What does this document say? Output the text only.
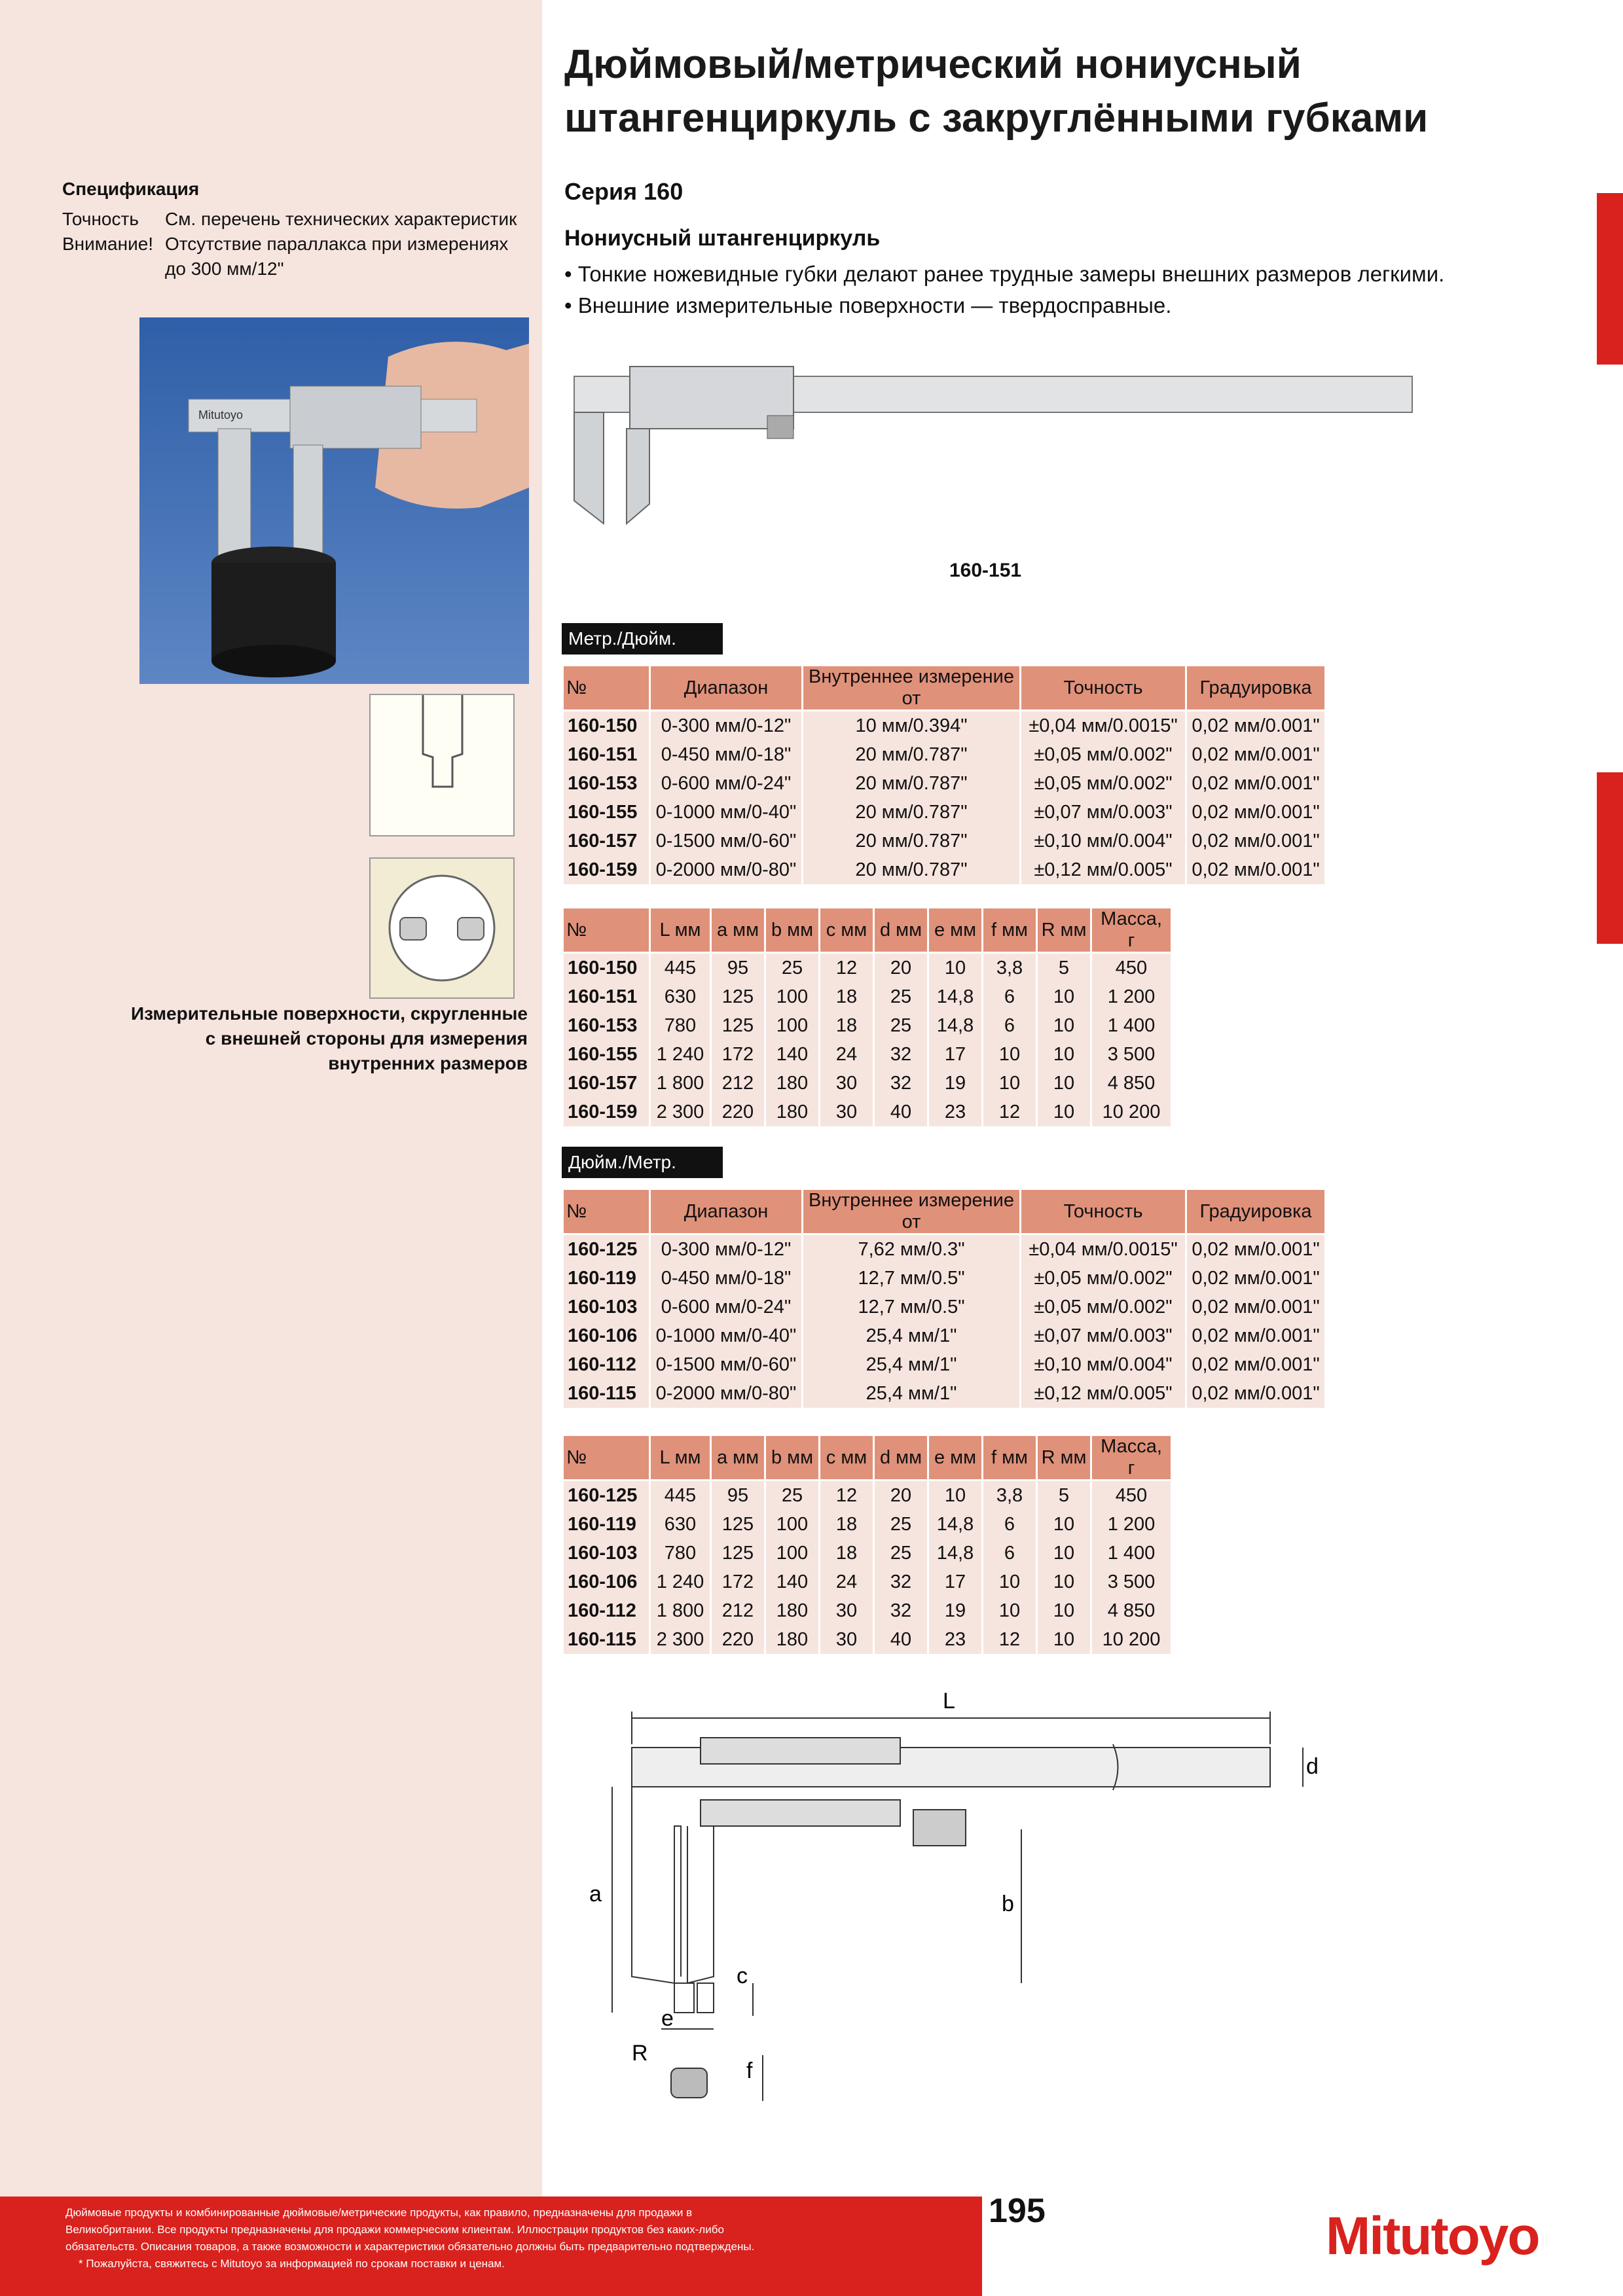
Дюймовый/метрический нониусный
штангенциркуль с закруглёнными губками
Серия 160
Нониусный штангенциркуль
• Тонкие ножевидные губки делают ранее трудные замеры внешних размеров легкими.
• Внешние измерительные поверхности — твердосправные.
Спецификация
Точность	См. перечень технических характеристик
Внимание! Отсутствие параллакса при измерениях до 300 мм/12"
Mitutoyo
Измерительные поверхности, скругленные с внешней стороны для измерения внутренних размеров
160-151
Метр./Дюйм.
№	Диапазон	Внутреннее измерение от	Точность	Градуировка
160-150	0-300 мм/0-12"	10 мм/0.394"	±0,04 мм/0.0015"	0,02 мм/0.001"
160-151	0-450 мм/0-18"	20 мм/0.787"	±0,05 мм/0.002"	0,02 мм/0.001"
160-153	0-600 мм/0-24"	20 мм/0.787"	±0,05 мм/0.002"	0,02 мм/0.001"
160-155	0-1000 мм/0-40"	20 мм/0.787"	±0,07 мм/0.003"	0,02 мм/0.001"
160-157	0-1500 мм/0-60"	20 мм/0.787"	±0,10 мм/0.004"	0,02 мм/0.001"
160-159	0-2000 мм/0-80"	20 мм/0.787"	±0,12 мм/0.005"	0,02 мм/0.001"
№	L мм	a мм	b мм	c мм	d мм	e мм	f мм	R мм	Масса, г
160-150	445	95	25	12	20	10	3,8	5	450
160-151	630	125	100	18	25	14,8	6	10	1 200
160-153	780	125	100	18	25	14,8	6	10	1 400
160-155	1 240	172	140	24	32	17	10	10	3 500
160-157	1 800	212	180	30	32	19	10	10	4 850
160-159	2 300	220	180	30	40	23	12	10	10 200
Дюйм./Метр.
№	Диапазон	Внутреннее измерение от	Точность	Градуировка
160-125	0-300 мм/0-12"	7,62 мм/0.3"	±0,04 мм/0.0015"	0,02 мм/0.001"
160-119	0-450 мм/0-18"	12,7 мм/0.5"	±0,05 мм/0.002"	0,02 мм/0.001"
160-103	0-600 мм/0-24"	12,7 мм/0.5"	±0,05 мм/0.002"	0,02 мм/0.001"
160-106	0-1000 мм/0-40"	25,4 мм/1"	±0,07 мм/0.003"	0,02 мм/0.001"
160-112	0-1500 мм/0-60"	25,4 мм/1"	±0,10 мм/0.004"	0,02 мм/0.001"
160-115	0-2000 мм/0-80"	25,4 мм/1"	±0,12 мм/0.005"	0,02 мм/0.001"
№	L мм	a мм	b мм	c мм	d мм	e мм	f мм	R мм	Масса, г
160-125	445	95	25	12	20	10	3,8	5	450
160-119	630	125	100	18	25	14,8	6	10	1 200
160-103	780	125	100	18	25	14,8	6	10	1 400
160-106	1 240	172	140	24	32	17	10	10	3 500
160-112	1 800	212	180	30	32	19	10	10	4 850
160-115	2 300	220	180	30	40	23	12	10	10 200
L
a	b
c
d
e
f
R
Дюймовые продукты и комбинированные дюймовые/метрические продукты, как правило, предназначены для продажи в
Великобритании. Все продукты предназначены для продажи коммерческим клиентам. Иллюстрации продуктов без каких-либо
обязательств. Описания товаров, а также возможности и характеристики обязательно должны быть предварительно подтверждены.
* Пожалуйста, свяжитесь с Mitutoyo за информацией по срокам поставки и ценам.
195	Mitutoyo
